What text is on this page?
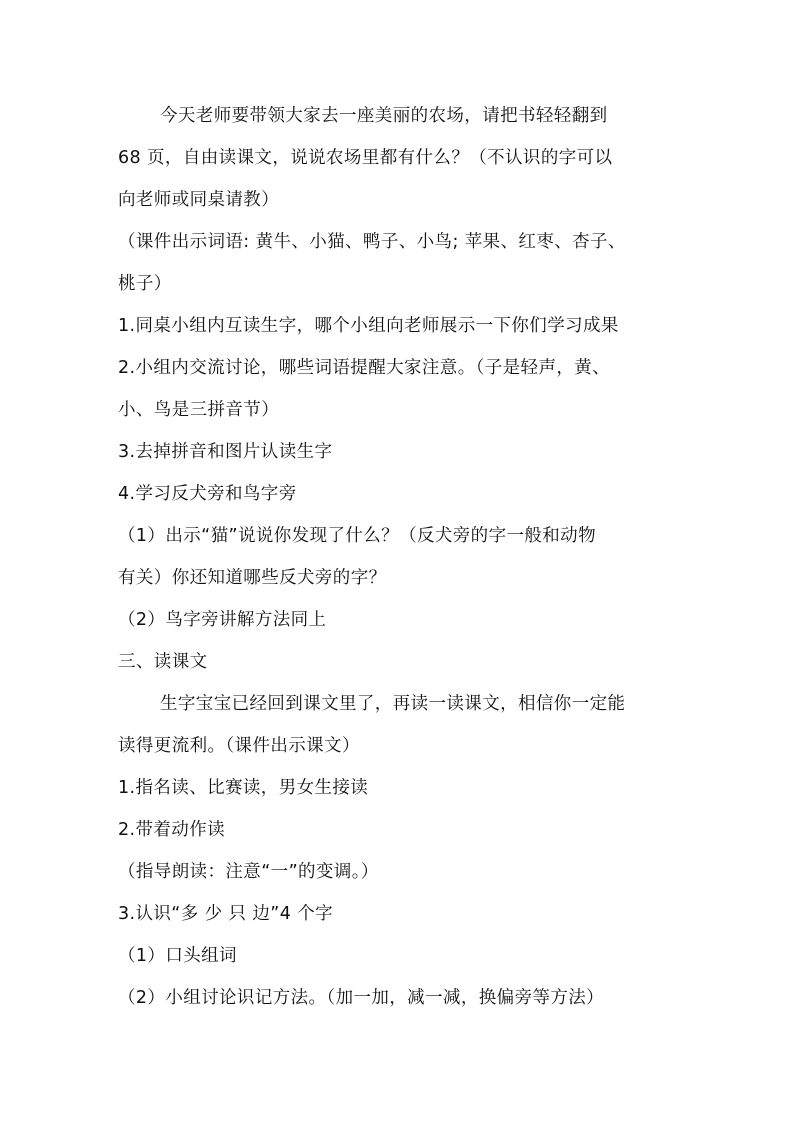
今天老师要带领大家去一座美丽的农场，请把书轻轻翻到
68 页，自由读课文，说说农场里都有什么？（不认识的字可以
向老师或同桌请教）
（课件出示词语: 黄牛、小猫、鸭子、小鸟; 苹果、红枣、杏子、
桃子）
1.同桌小组内互读生字，哪个小组向老师展示一下你们学习成果
2.小组内交流讨论，哪些词语提醒大家注意。（子是轻声，黄、
小、鸟是三拼音节）
3.去掉拼音和图片认读生字
4.学习反犬旁和鸟字旁
（1）出示“猫”说说你发现了什么？（反犬旁的字一般和动物
有关）你还知道哪些反犬旁的字？
（2）鸟字旁讲解方法同上
三、读课文
生字宝宝已经回到课文里了，再读一读课文，相信你一定能
读得更流利。（课件出示课文）
1.指名读、比赛读，男女生接读
2.带着动作读
（指导朗读：注意“一”的变调。）
3.认识“多 少 只 边”4 个字
（1）口头组词
（2）小组讨论识记方法。（加一加，减一减，换偏旁等方法）
